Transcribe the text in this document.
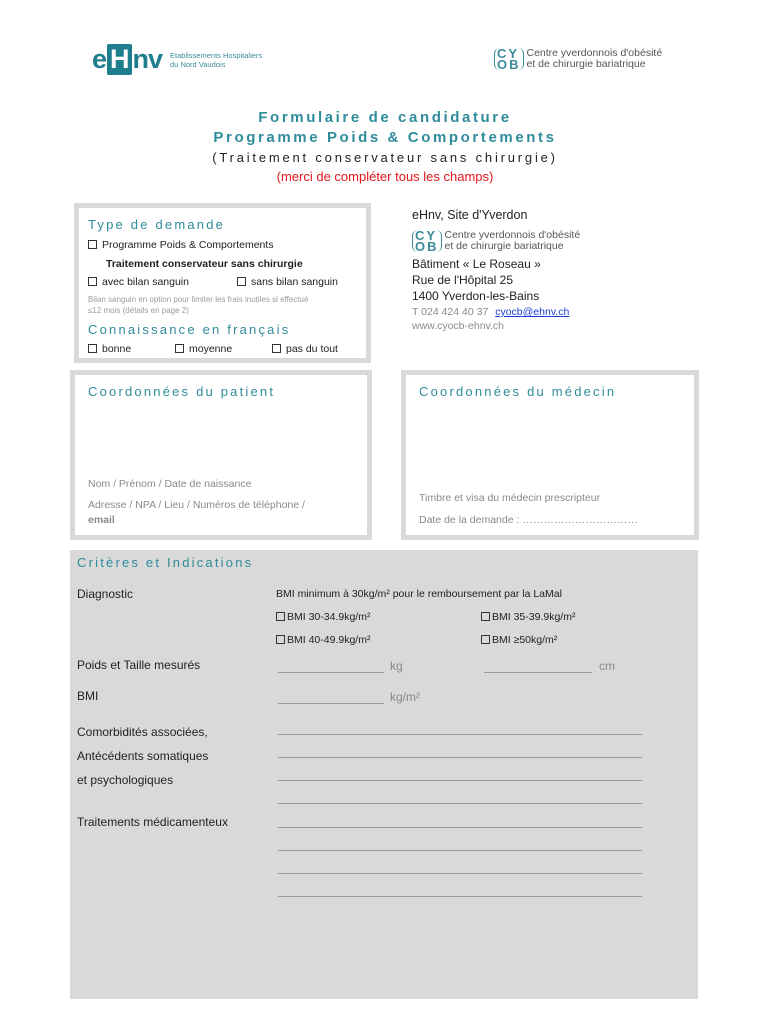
e H nv Etablissements Hospitaliers du Nord Vaudois
CY
OB
Centre yverdonnois d'obésité
et de chirurgie bariatrique
Formulaire de candidature
Programme Poids & Comportements
(Traitement conservateur sans chirurgie)
(merci de compléter tous les champs)
Type de demande
Programme Poids & Comportements
Traitement conservateur sans chirurgie
avec bilan sanguin	sans bilan sanguin
Bilan sanguin en option pour limiter les frais inutiles si effectué
≤12 mois (détails en page 2)
Connaissance en français
bonne	moyenne	pas du tout
eHnv, Site d'Yverdon
CY
OB
Centre yverdonnois d'obésité
et de chirurgie bariatrique
Bâtiment « Le Roseau »
Rue de l'Hôpital 25
1400 Yverdon-les-Bains
T 024 424 40 37 cyocb@ehnv.ch
www.cyocb-ehnv.ch
Coordonnées du patient
Nom / Prénom / Date de naissance
Adresse / NPA / Lieu / Numéros de téléphone /
email
Coordonnées du médecin
Timbre et visa du médecin prescripteur
Date de la demande : ……………………………
Critères et Indications
Diagnostic	BMI minimum à 30kg/m² pour le remboursement par la LaMal
BMI 30-34.9kg/m²	BMI 35-39.9kg/m²
BMI 40-49.9kg/m²	BMI ≥50kg/m²
Poids et Taille mesurés	kg	cm
BMI	kg/m²
Comorbidités associées,
Antécédents somatiques
et psychologiques
Traitements médicamenteux
